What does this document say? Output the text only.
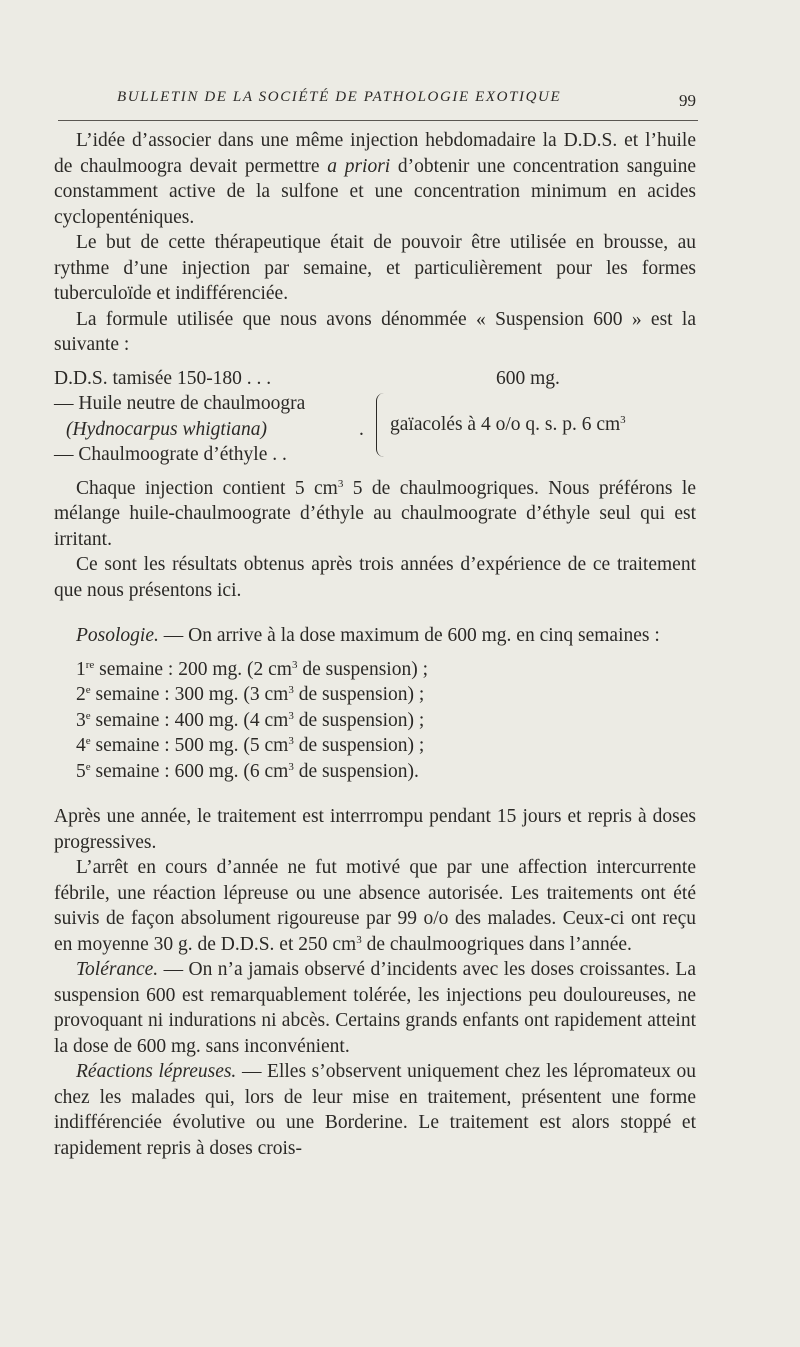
BULLETIN DE LA SOCIÉTÉ DE PATHOLOGIE EXOTIQUE	99

L’idée d’associer dans une même injection hebdomadaire la D.D.S. et l’huile de chaulmoogra devait permettre a priori d’obtenir une concentration sanguine constamment active de la sulfone et une concentration minimum en acides cyclopenténiques.

Le but de cette thérapeutique était de pouvoir être utilisée en brousse, au rythme d’une injection par semaine, et particulièrement pour les formes tuberculoïde et indifférenciée.

La formule utilisée que nous avons dénommée « Suspension 600 » est la suivante :

D.D.S. tamisée 150-180 . . .	600 mg.
— Huile neutre de chaulmoogra
(Hydnocarpus whigtiana)	.
— Chaulmoograte d’éthyle . .
gaïacolés à 4 o/o q. s. p. 6 $cm^3$

Chaque injection contient 5 $cm^3$ 5 de chaulmoogriques. Nous préférons le mélange huile-chaulmoograte d’éthyle au chaulmoograte d’éthyle seul qui est irritant.

Ce sont les résultats obtenus après trois années d’expérience de ce traitement que nous présentons ici.

Posologie. — On arrive à la dose maximum de 600 mg. en cinq semaines :

1re semaine : 200 mg. (2 $cm^3$ de suspension) ;
2e semaine : 300 mg. (3 $cm^3$ de suspension) ;
3e semaine : 400 mg. (4 $cm^3$ de suspension) ;
4e semaine : 500 mg. (5 $cm^3$ de suspension) ;
5e semaine : 600 mg. (6 $cm^3$ de suspension).

Après une année, le traitement est interrrompu pendant 15 jours et repris à doses progressives.

L’arrêt en cours d’année ne fut motivé que par une affection intercurrente fébrile, une réaction lépreuse ou une absence autorisée. Les traitements ont été suivis de façon absolument rigoureuse par 99 o/o des malades. Ceux-ci ont reçu en moyenne 30 g. de D.D.S. et 250 $cm^3$ de chaulmoogriques dans l’année.

Tolérance. — On n’a jamais observé d’incidents avec les doses croissantes. La suspension 600 est remarquablement tolérée, les injections peu douloureuses, ne provoquant ni indurations ni abcès. Certains grands enfants ont rapidement atteint la dose de 600 mg. sans inconvénient.

Réactions lépreuses. — Elles s’observent uniquement chez les lépromateux ou chez les malades qui, lors de leur mise en traitement, présentent une forme indifférenciée évolutive ou une Borderine. Le traitement est alors stoppé et rapidement repris à doses crois-
